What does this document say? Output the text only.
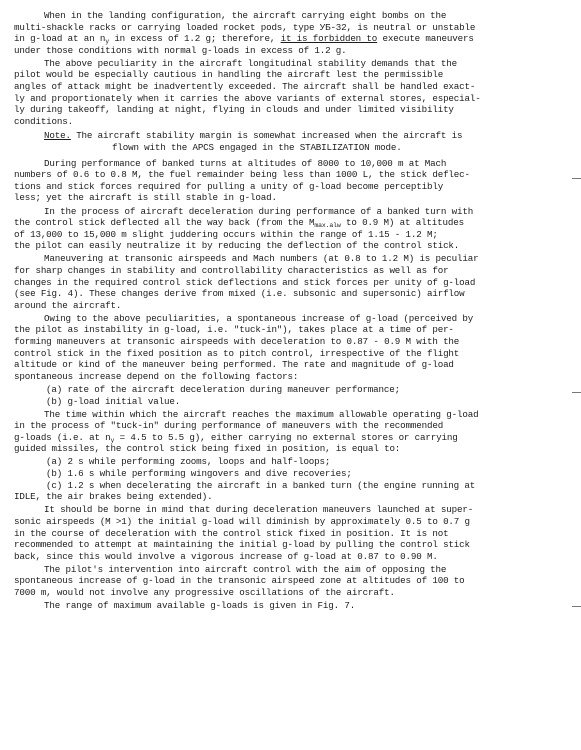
When in the landing configuration, the aircraft carrying eight bombs on the
multi-shackle racks or carrying loaded rocket pods, type УБ-32, is neutral or unstable
in g-load at an $n_y$ in excess of 1.2 g; therefore, it is forbidden to execute maneuvers
under those conditions with normal g-loads in excess of 1.2 g.
The above peculiarity in the aircraft longitudinal stability demands that the
pilot would be especially cautious in handling the aircraft lest the permissible
angles of attack might be inadvertently exceeded. The aircraft shall be handled exact-
ly and proportionately when it carries the above variants of external stores, especial-
ly during takeoff, landing at night, flying in clouds and under limited visibility
conditions.
Note. The aircraft stability margin is somewhat increased when the aircraft is
flown with the APCS engaged in the STABILIZATION mode.
During performance of banked turns at altitudes of 8000 to 10,000 m at Mach
numbers of 0.6 to 0.8 M, the fuel remainder being less than 1000 L, the stick deflec-
tions and stick forces required for pulling a unity of g-load become perceptibly
less; yet the aircraft is still stable in g-load.
In the process of aircraft deceleration during performance of a banked turn with
the control stick deflected all the way back (from the $M_{max.alw}$ to 0.9 M) at altitudes
of 13,000 to 15,000 m slight juddering occurs within the range of 1.15 - 1.2 M;
the pilot can easily neutralize it by reducing the deflection of the control stick.
Maneuvering at transonic airspeeds and Mach numbers (at 0.8 to 1.2 M) is peculiar
for sharp changes in stability and controllability characteristics as well as for
changes in the required control stick deflections and stick forces per unity of g-load
(see Fig. 4). These changes derive from mixed (i.e. subsonic and supersonic) airflow
around the aircraft.
Owing to the above peculiarities, a spontaneous increase of g-load (perceived by
the pilot as instability in g-load, i.e. "tuck-in"), takes place at a time of per-
forming maneuvers at transonic airspeeds with deceleration to 0.87 - 0.9 M with the
control stick in the fixed position as to pitch control, irrespective of the flight
altitude or kind of the maneuver being performed. The rate and magnitude of g-load
spontaneous increase depend on the following factors:
(a) rate of the aircraft deceleration during maneuver performance;
(b) g-load initial value.
The time within which the aircraft reaches the maximum allowable operating g-load
in the process of "tuck-in" during performance of maneuvers with the recommended
g-loads (i.e. at $n_y = 4.5$ to 5.5 g), either carrying no external stores or carrying
guided missiles, the control stick being fixed in position, is equal to:
(a) 2 s while performing zooms, loops and half-loops;
(b) 1.6 s while performing wingovers and dive recoveries;
(c) 1.2 s when decelerating the aircraft in a banked turn (the engine running at
IDLE, the air brakes being extended).
It should be borne in mind that during deceleration maneuvers launched at super-
sonic airspeeds (M >1) the initial g-load will diminish by approximately 0.5 to 0.7 g
in the course of deceleration with the control stick fixed in position. It is not
recommended to attempt at maintaining the initial g-load by pulling the control stick
back, since this would involve a vigorous increase of g-load at 0.87 to 0.90 M.
The pilot's intervention into aircraft control with the aim of opposing the
spontaneous increase of g-load in the transonic airspeed zone at altitudes of 100 to
7000 m, would not involve any progressive oscillations of the aircraft.
The range of maximum available g-loads is given in Fig. 7.
